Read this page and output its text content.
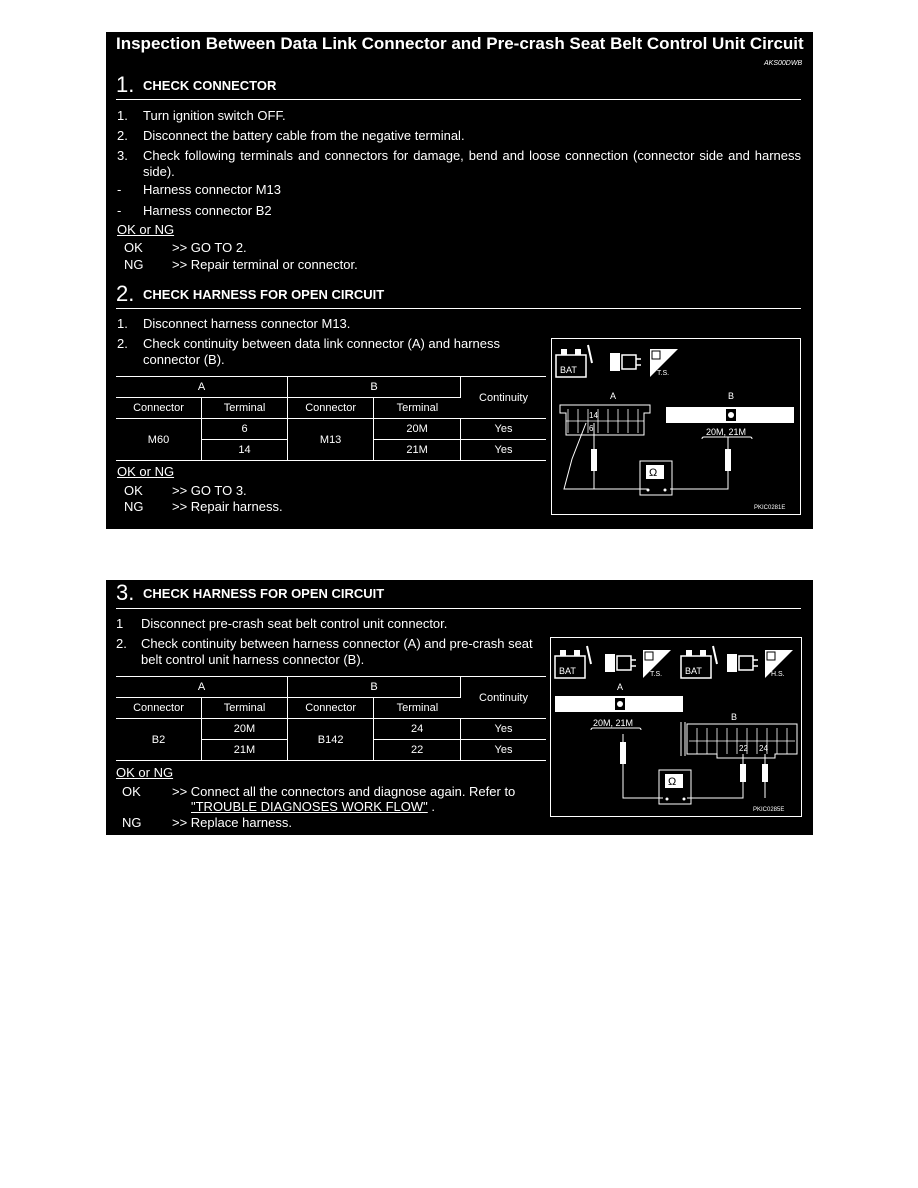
Inspection Between Data Link Connector and Pre-crash Seat Belt Control Unit Circuit
AKS00DWB
1. CHECK CONNECTOR
1. Turn ignition switch OFF.
2. Disconnect the battery cable from the negative terminal.
3. Check following terminals and connectors for damage, bend and loose connection (connector side and harness side).
- Harness connector M13
- Harness connector B2
OK or NG
OK >> GO TO 2.
NG >> Repair terminal or connector.
2. CHECK HARNESS FOR OPEN CIRCUIT
1. Disconnect harness connector M13.
2. Check continuity between data link connector (A) and harness connector (B).
A		B		Continuity
Connector	Terminal	Connector	Terminal	
M60	6	M13	20M	Yes
	14		21M	Yes
OK or NG
OK >> GO TO 3.
NG >> Repair harness.
BAT	T.S.
A	B
14
6	20M, 21M
Ω
PKIC0281E
3. CHECK HARNESS FOR OPEN CIRCUIT
1 Disconnect pre-crash seat belt control unit connector.
2. Check continuity between harness connector (A) and pre-crash seat belt control unit harness connector (B).
A		B		Continuity
Connector	Terminal	Connector	Terminal	
B2	20M	B142	24	Yes
	21M		22	Yes
OK or NG
OK >> Connect all the connectors and diagnose again. Refer to
"TROUBLE DIAGNOSES WORK FLOW" .
NG >> Replace harness.
BAT	T.S.	BAT	H.S.
A
20M, 21M
B
22 24
Ω
PKIC0285E
